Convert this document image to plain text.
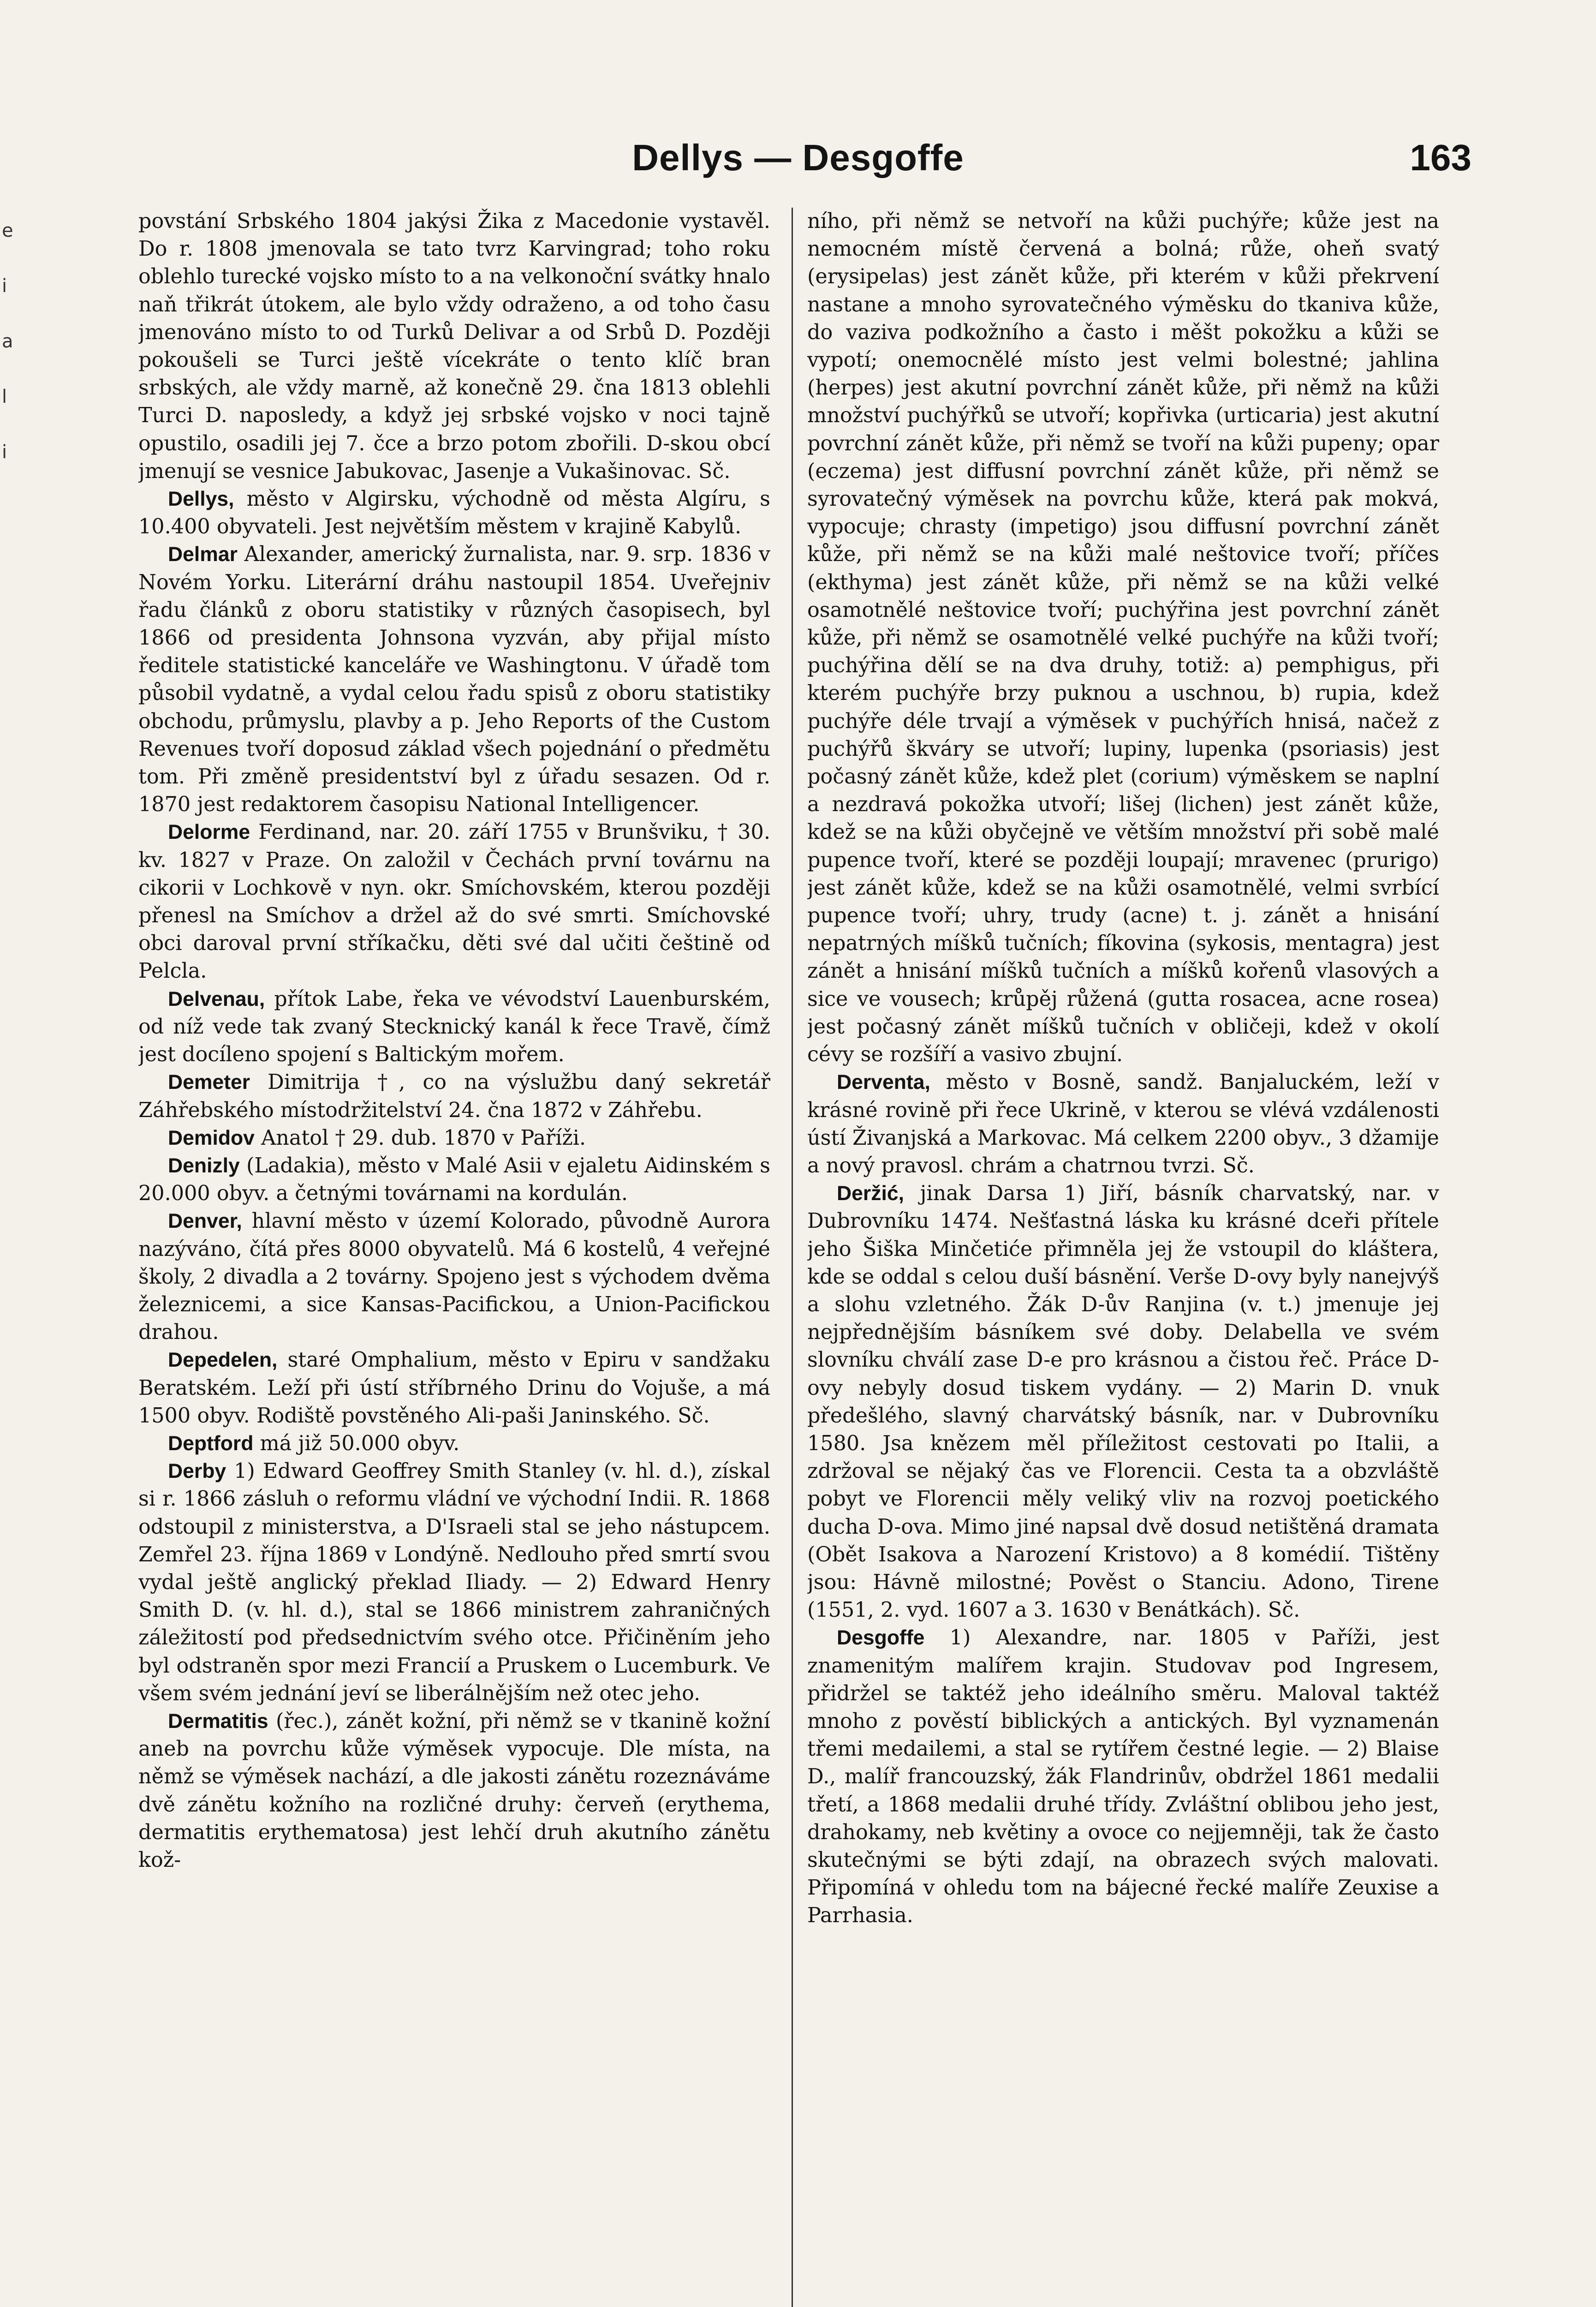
e
i
a
l
i
Dellys — Desgoffe	163

povstání Srbského 1804 jakýsi Žika z Macedonie vystavěl. Do r. 1808 jmenovala se tato tvrz Karvingrad; toho roku oblehlo turecké vojsko místo to a na velkonoční svátky hnalo naň třikrát útokem, ale bylo vždy odraženo, a od toho času jmenováno místo to od Turků Delivar a od Srbů D. Později pokoušeli se Turci ještě vícekráte o tento klíč bran srbských, ale vždy marně, až konečně 29. čna 1813 oblehli Turci D. naposledy, a když jej srbské vojsko v noci tajně opustilo, osadili jej 7. čce a brzo potom zbořili. D-skou obcí jmenují se vesnice Jabukovac, Jasenje a Vukašinovac. Sč.

Dellys, město v Algirsku, východně od města Algíru, s 10.400 obyvateli. Jest největším městem v krajině Kabylů.

Delmar Alexander, americký žurnalista, nar. 9. srp. 1836 v Novém Yorku. Literární dráhu nastoupil 1854. Uveřejniv řadu článků z oboru statistiky v různých časopisech, byl 1866 od presidenta Johnsona vyzván, aby přijal místo ředitele statistické kanceláře ve Washingtonu. V úřadě tom působil vydatně, a vydal celou řadu spisů z oboru statistiky obchodu, průmyslu, plavby a p. Jeho Reports of the Custom Revenues tvoří doposud základ všech pojednání o předmětu tom. Při změně presidentství byl z úřadu sesazen. Od r. 1870 jest redaktorem časopisu National Intelligencer.

Delorme Ferdinand, nar. 20. září 1755 v Brunšviku, † 30. kv. 1827 v Praze. On založil v Čechách první továrnu na cikorii v Lochkově v nyn. okr. Smíchovském, kterou později přenesl na Smíchov a držel až do své smrti. Smíchovské obci daroval první stříkačku, děti své dal učiti češtině od Pelcla.

Delvenau, přítok Labe, řeka ve vévodství Lauenburském, od níž vede tak zvaný Stecknický kanál k řece Travě, čímž jest docíleno spojení s Baltickým mořem.

Demeter Dimitrija †, co na výslužbu daný sekretář Záhřebského místodržitelství 24. čna 1872 v Záhřebu.

Demidov Anatol † 29. dub. 1870 v Paříži.

Denizly (Ladakia), město v Malé Asii v ejaletu Aidinském s 20.000 obyv. a četnými továrnami na kordulán.

Denver, hlavní město v území Kolorado, původně Aurora nazýváno, čítá přes 8000 obyvatelů. Má 6 kostelů, 4 veřejné školy, 2 divadla a 2 továrny. Spojeno jest s východem dvěma železnicemi, a sice Kansas-Pacifickou, a Union-Pacifickou drahou.

Depedelen, staré Omphalium, město v Epiru v sandžaku Beratském. Leží při ústí stříbrného Drinu do Vojuše, a má 1500 obyv. Rodiště povstěného Ali-paši Janinského. Sč.

Deptford má již 50.000 obyv.

Derby 1) Edward Geoffrey Smith Stanley (v. hl. d.), získal si r. 1866 zásluh o reformu vládní ve východní Indii. R. 1868 odstoupil z ministerstva, a D'Israeli stal se jeho nástupcem. Zemřel 23. října 1869 v Londýně. Nedlouho před smrtí svou vydal ještě anglický překlad Iliady. — 2) Edward Henry Smith D. (v. hl. d.), stal se 1866 ministrem zahraničných záležitostí pod předsednictvím svého otce. Přičiněním jeho byl odstraněn spor mezi Francií a Pruskem o Lucemburk. Ve všem svém jednání jeví se liberálnějším než otec jeho.

Dermatitis (řec.), zánět kožní, při němž se v tkanině kožní aneb na povrchu kůže výměsek vypocuje. Dle místa, na němž se výměsek nachází, a dle jakosti zánětu rozeznáváme dvě zánětu kožního na rozličné druhy: červeň (erythema, dermatitis erythematosa) jest lehčí druh akutního zánětu kož-

ního, při němž se netvoří na kůži puchýře; kůže jest na nemocném místě červená a bolná; růže, oheň svatý (erysipelas) jest zánět kůže, při kterém v kůži překrvení nastane a mnoho syrovatečného výměsku do tkaniva kůže, do vaziva podkožního a často i měšt pokožku a kůži se vypotí; onemocnělé místo jest velmi bolestné; jahlina (herpes) jest akutní povrchní zánět kůže, při němž na kůži množství puchýřků se utvoří; kopřivka (urticaria) jest akutní povrchní zánět kůže, při němž se tvoří na kůži pupeny; opar (eczema) jest diffusní povrchní zánět kůže, při němž se syrovatečný výměsek na povrchu kůže, která pak mokvá, vypocuje; chrasty (impetigo) jsou diffusní povrchní zánět kůže, při němž se na kůži malé neštovice tvoří; příčes (ekthyma) jest zánět kůže, při němž se na kůži velké osamotnělé neštovice tvoří; puchýřina jest povrchní zánět kůže, při němž se osamotnělé velké puchýře na kůži tvoří; puchýřina dělí se na dva druhy, totiž: a) pemphigus, při kterém puchýře brzy puknou a uschnou, b) rupia, kdež puchýře déle trvají a výměsek v puchýřích hnisá, načež z puchýřů škváry se utvoří; lupiny, lupenka (psoriasis) jest počasný zánět kůže, kdež plet (corium) výměskem se naplní a nezdravá pokožka utvoří; lišej (lichen) jest zánět kůže, kdež se na kůži obyčejně ve větším množství při sobě malé pupence tvoří, které se později loupají; mravenec (prurigo) jest zánět kůže, kdež se na kůži osamotnělé, velmi svrbící pupence tvoří; uhry, trudy (acne) t. j. zánět a hnisání nepatrných míšků tučních; fíkovina (sykosis, mentagra) jest zánět a hnisání míšků tučních a míšků kořenů vlasových a sice ve vousech; krůpěj růžená (gutta rosacea, acne rosea) jest počasný zánět míšků tučních v obličeji, kdež v okolí cévy se rozšíří a vasivo zbujní.

Derventa, město v Bosně, sandž. Banjaluckém, leží v krásné rovině při řece Ukrině, v kterou se vlévá vzdálenosti ústí Živanjská a Markovac. Má celkem 2200 obyv., 3 džamije a nový pravosl. chrám a chatrnou tvrzi. Sč.

Deržić, jinak Darsa 1) Jiří, básník charvatský, nar. v Dubrovníku 1474. Nešťastná láska ku krásné dceři přítele jeho Šiška Minčetiće přimněla jej že vstoupil do kláštera, kde se oddal s celou duší básnění. Verše D-ovy byly nanejvýš a slohu vzletného. Žák D-ův Ranjina (v. t.) jmenuje jej nejpřednějším básníkem své doby. Delabella ve svém slovníku chválí zase D-e pro krásnou a čistou řeč. Práce D-ovy nebyly dosud tiskem vydány. — 2) Marin D. vnuk předešlého, slavný charvátský básník, nar. v Dubrovníku 1580. Jsa knězem měl příležitost cestovati po Italii, a zdržoval se nějaký čas ve Florencii. Cesta ta a obzvláště pobyt ve Florencii měly veliký vliv na rozvoj poetického ducha D-ova. Mimo jiné napsal dvě dosud netištěná dramata (Obět Isakova a Narození Kristovo) a 8 komédií. Tištěny jsou: Hávně milostné; Pověst o Stanciu. Adono, Tirene (1551, 2. vyd. 1607 a 3. 1630 v Benátkách). Sč.

Desgoffe 1) Alexandre, nar. 1805 v Paříži, jest znamenitým malířem krajin. Studovav pod Ingresem, přidržel se taktéž jeho ideálního směru. Maloval taktéž mnoho z pověstí biblických a antických. Byl vyznamenán třemi medailemi, a stal se rytířem čestné legie. — 2) Blaise D., malíř francouzský, žák Flandrinův, obdržel 1861 medalii třetí, a 1868 medalii druhé třídy. Zvláštní oblibou jeho jest, drahokamy, neb květiny a ovoce co nejjemněji, tak že často skutečnými se býti zdají, na obrazech svých malovati. Připomíná v ohledu tom na bájecné řecké malíře Zeuxise a Parrhasia.
